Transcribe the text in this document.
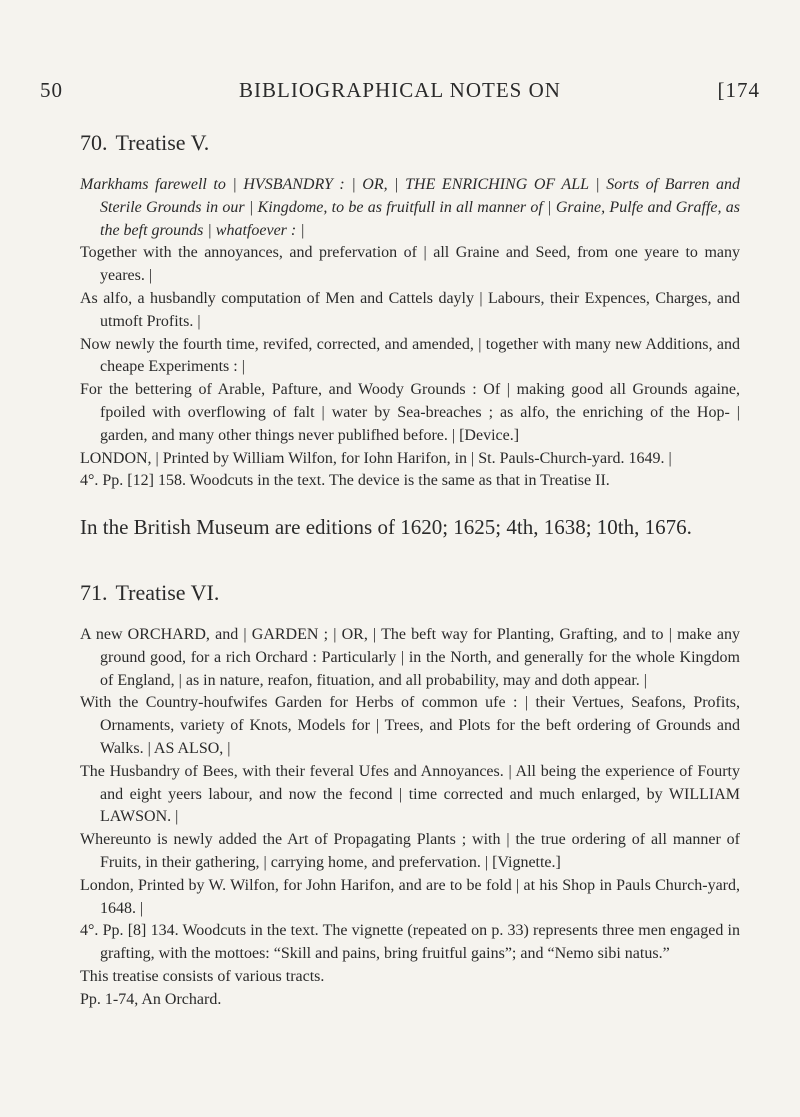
50	BIBLIOGRAPHICAL NOTES ON	[174
70. Treatise V.

Markhams farewell to | HVSBANDRY : | OR, | THE ENRICHING OF ALL | Sorts of Barren and Sterile Grounds in our | Kingdome, to be as fruitfull in all manner of | Graine, Pulfe and Graffe, as the beft grounds | whatfoever : |

Together with the annoyances, and prefervation of | all Graine and Seed, from one yeare to many yeares. |

As alfo, a husbandly computation of Men and Cattels dayly | Labours, their Expences, Charges, and utmoft Profits. |

Now newly the fourth time, revifed, corrected, and amended, | together with many new Additions, and cheape Experiments : |

For the bettering of Arable, Pafture, and Woody Grounds : Of | making good all Grounds againe, fpoiled with overflowing of falt | water by Sea-breaches ; as alfo, the enriching of the Hop- | garden, and many other things never publifhed before. | [Device.]

LONDON, | Printed by William Wilfon, for Iohn Harifon, in | St. Pauls-Church-yard. 1649. |

4°. Pp. [12] 158. Woodcuts in the text. The device is the same as that in Treatise II.

In the British Museum are editions of 1620; 1625; 4th, 1638; 10th, 1676.
71. Treatise VI.

A new ORCHARD, and | GARDEN ; | OR, | The beft way for Planting, Grafting, and to | make any ground good, for a rich Orchard : Particularly | in the North, and generally for the whole Kingdom of England, | as in nature, reafon, fituation, and all probability, may and doth appear. |

With the Country-houfwifes Garden for Herbs of common ufe : | their Vertues, Seafons, Profits, Ornaments, variety of Knots, Models for | Trees, and Plots for the beft ordering of Grounds and Walks. | AS ALSO, |

The Husbandry of Bees, with their feveral Ufes and Annoyances. | All being the experience of Fourty and eight yeers labour, and now the fecond | time corrected and much enlarged, by WILLIAM LAWSON. |

Whereunto is newly added the Art of Propagating Plants ; with | the true ordering of all manner of Fruits, in their gathering, | carrying home, and prefervation. | [Vignette.]

London, Printed by W. Wilfon, for John Harifon, and are to be fold | at his Shop in Pauls Church-yard, 1648. |

4°. Pp. [8] 134. Woodcuts in the text. The vignette (repeated on p. 33) represents three men engaged in grafting, with the mottoes: “Skill and pains, bring fruitful gains”; and “Nemo sibi natus.”

This treatise consists of various tracts.

Pp. 1-74, An Orchard.
